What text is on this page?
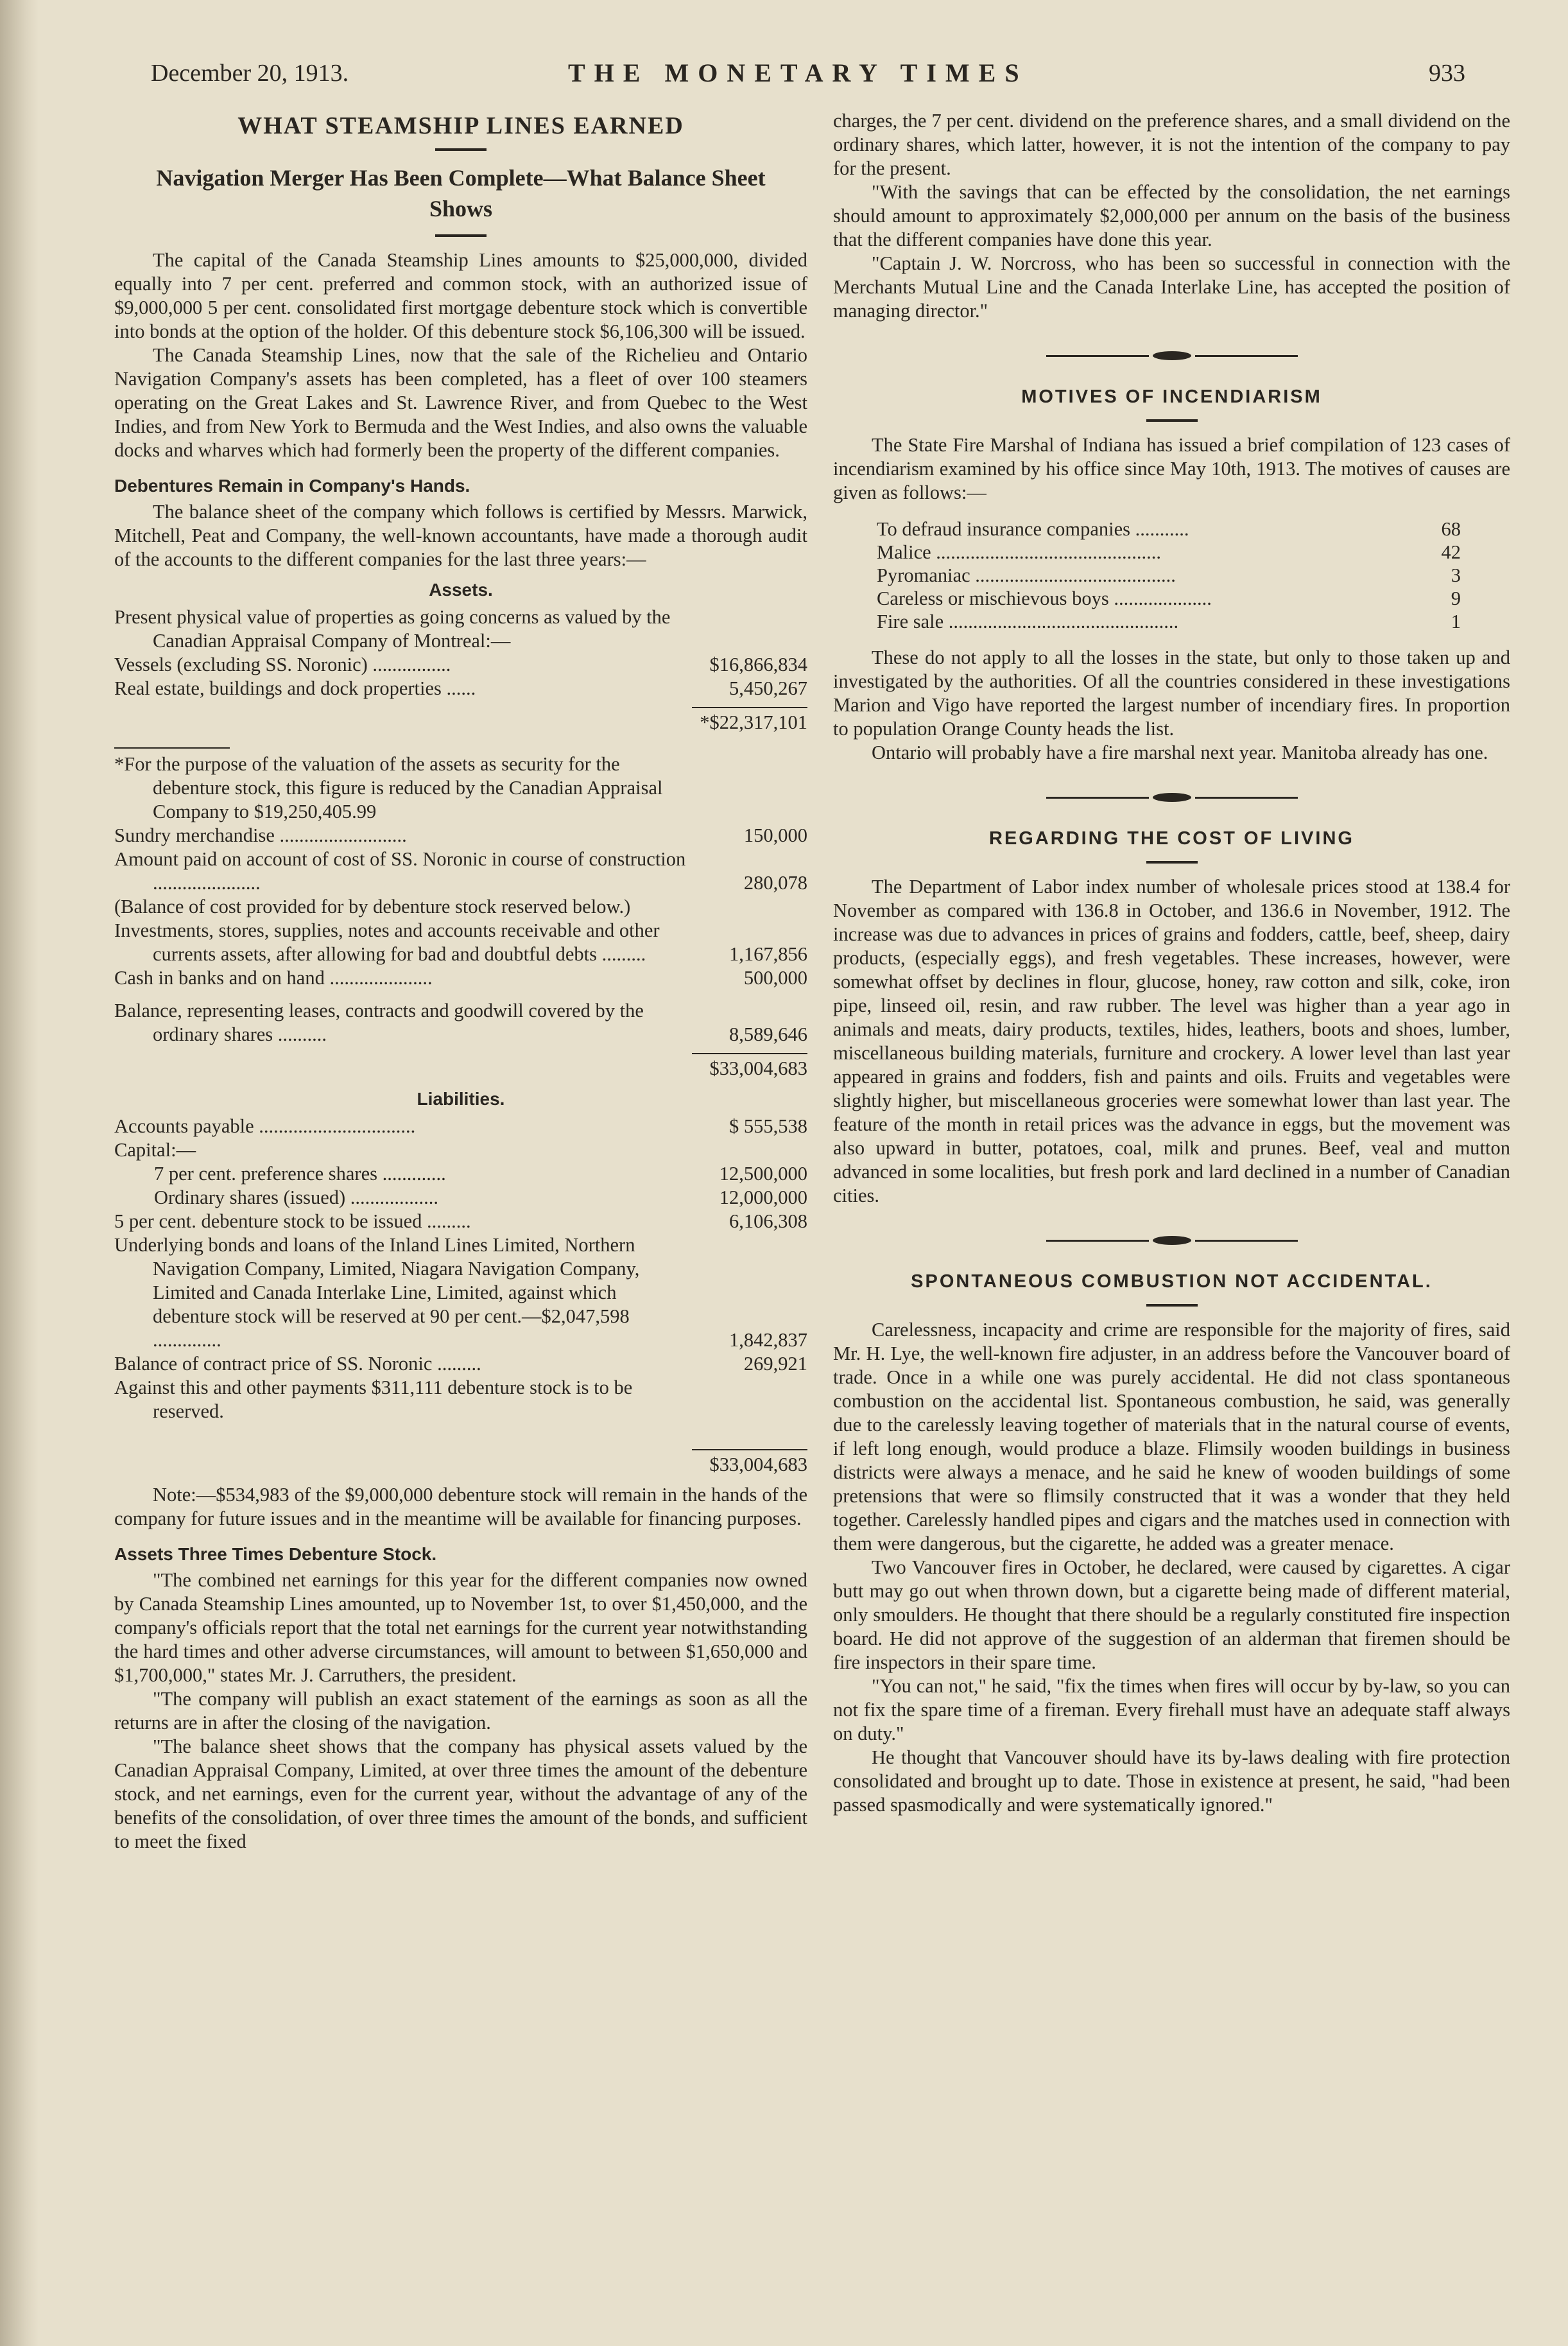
December 20, 1913.	THE MONETARY TIMES	933
WHAT STEAMSHIP LINES EARNED
Navigation Merger Has Been Complete—What Balance Sheet Shows

The capital of the Canada Steamship Lines amounts to $25,000,000, divided equally into 7 per cent. preferred and common stock, with an authorized issue of $9,000,000 5 per cent. consolidated first mortgage debenture stock which is convertible into bonds at the option of the holder. Of this debenture stock $6,106,300 will be issued.

The Canada Steamship Lines, now that the sale of the Richelieu and Ontario Navigation Company's assets has been completed, has a fleet of over 100 steamers operating on the Great Lakes and St. Lawrence River, and from Quebec to the West Indies, and from New York to Bermuda and the West Indies, and also owns the valuable docks and wharves which had formerly been the property of the different companies.

Debentures Remain in Company's Hands.

The balance sheet of the company which follows is certified by Messrs. Marwick, Mitchell, Peat and Company, the well-known accountants, have made a thorough audit of the accounts to the different companies for the last three years:—

Assets.
Present physical value of properties as going concerns as valued by the Canadian Appraisal Company of Montreal:—
Vessels (excluding SS. Noronic) ................	$16,866,834
Real estate, buildings and dock properties ......	5,450,267
*$22,317,101
*For the purpose of the valuation of the assets as security for the debenture stock, this figure is reduced by the Canadian Appraisal Company to $19,250,405.99
Sundry merchandise ..........................	150,000
Amount paid on account of cost of SS. Noronic in course of construction ......................	280,078
(Balance of cost provided for by debenture stock reserved below.)
Investments, stores, supplies, notes and accounts receivable and other currents assets, after allowing for bad and doubtful debts .........	1,167,856
Cash in banks and on hand .....................	500,000
Balance, representing leases, contracts and goodwill covered by the ordinary shares ..........	8,589,646
$33,004,683
Liabilities.
Accounts payable ................................	$ 555,538
Capital:—
7 per cent. preference shares .............	12,500,000
Ordinary shares (issued) ..................	12,000,000
5 per cent. debenture stock to be issued .........	6,106,308
Underlying bonds and loans of the Inland Lines Limited, Northern Navigation Company, Limited, Niagara Navigation Company, Limited and Canada Interlake Line, Limited, against which debenture stock will be reserved at 90 per cent.—$2,047,598 ..............	1,842,837
Balance of contract price of SS. Noronic .........	269,921
Against this and other payments $311,111 debenture stock is to be reserved.
$33,004,683

Note:—$534,983 of the $9,000,000 debenture stock will remain in the hands of the company for future issues and in the meantime will be available for financing purposes.

Assets Three Times Debenture Stock.

"The combined net earnings for this year for the different companies now owned by Canada Steamship Lines amounted, up to November 1st, to over $1,450,000, and the company's officials report that the total net earnings for the current year notwithstanding the hard times and other adverse circumstances, will amount to between $1,650,000 and $1,700,000," states Mr. J. Carruthers, the president.

"The company will publish an exact statement of the earnings as soon as all the returns are in after the closing of the navigation.

"The balance sheet shows that the company has physical assets valued by the Canadian Appraisal Company, Limited, at over three times the amount of the debenture stock, and net earnings, even for the current year, without the advantage of any of the benefits of the consolidation, of over three times the amount of the bonds, and sufficient to meet the fixed

charges, the 7 per cent. dividend on the preference shares, and a small dividend on the ordinary shares, which latter, however, it is not the intention of the company to pay for the present.

"With the savings that can be effected by the consolidation, the net earnings should amount to approximately $2,000,000 per annum on the basis of the business that the different companies have done this year.

"Captain J. W. Norcross, who has been so successful in connection with the Merchants Mutual Line and the Canada Interlake Line, has accepted the position of managing director."

MOTIVES OF INCENDIARISM

The State Fire Marshal of Indiana has issued a brief compilation of 123 cases of incendiarism examined by his office since May 10th, 1913. The motives of causes are given as follows:—

To defraud insurance companies ...........	68
Malice ..............................................	42
Pyromaniac .........................................	3
Careless or mischievous boys ....................	9
Fire sale ...............................................	1

These do not apply to all the losses in the state, but only to those taken up and investigated by the authorities. Of all the countries considered in these investigations Marion and Vigo have reported the largest number of incendiary fires. In proportion to population Orange County heads the list.

Ontario will probably have a fire marshal next year. Manitoba already has one.

REGARDING THE COST OF LIVING

The Department of Labor index number of wholesale prices stood at 138.4 for November as compared with 136.8 in October, and 136.6 in November, 1912. The increase was due to advances in prices of grains and fodders, cattle, beef, sheep, dairy products, (especially eggs), and fresh vegetables. These increases, however, were somewhat offset by declines in flour, glucose, honey, raw cotton and silk, coke, iron pipe, linseed oil, resin, and raw rubber. The level was higher than a year ago in animals and meats, dairy products, textiles, hides, leathers, boots and shoes, lumber, miscellaneous building materials, furniture and crockery. A lower level than last year appeared in grains and fodders, fish and paints and oils. Fruits and vegetables were slightly higher, but miscellaneous groceries were somewhat lower than last year. The feature of the month in retail prices was the advance in eggs, but the movement was also upward in butter, potatoes, coal, milk and prunes. Beef, veal and mutton advanced in some localities, but fresh pork and lard declined in a number of Canadian cities.

SPONTANEOUS COMBUSTION NOT ACCIDENTAL.

Carelessness, incapacity and crime are responsible for the majority of fires, said Mr. H. Lye, the well-known fire adjuster, in an address before the Vancouver board of trade. Once in a while one was purely accidental. He did not class spontaneous combustion on the accidental list. Spontaneous combustion, he said, was generally due to the carelessly leaving together of materials that in the natural course of events, if left long enough, would produce a blaze. Flimsily wooden buildings in business districts were always a menace, and he said he knew of wooden buildings of some pretensions that were so flimsily constructed that it was a wonder that they held together. Carelessly handled pipes and cigars and the matches used in connection with them were dangerous, but the cigarette, he added was a greater menace.

Two Vancouver fires in October, he declared, were caused by cigarettes. A cigar butt may go out when thrown down, but a cigarette being made of different material, only smoulders. He thought that there should be a regularly constituted fire inspection board. He did not approve of the suggestion of an alderman that firemen should be fire inspectors in their spare time.

"You can not," he said, "fix the times when fires will occur by by-law, so you can not fix the spare time of a fireman. Every firehall must have an adequate staff always on duty."

He thought that Vancouver should have its by-laws dealing with fire protection consolidated and brought up to date. Those in existence at present, he said, "had been passed spasmodically and were systematically ignored."
